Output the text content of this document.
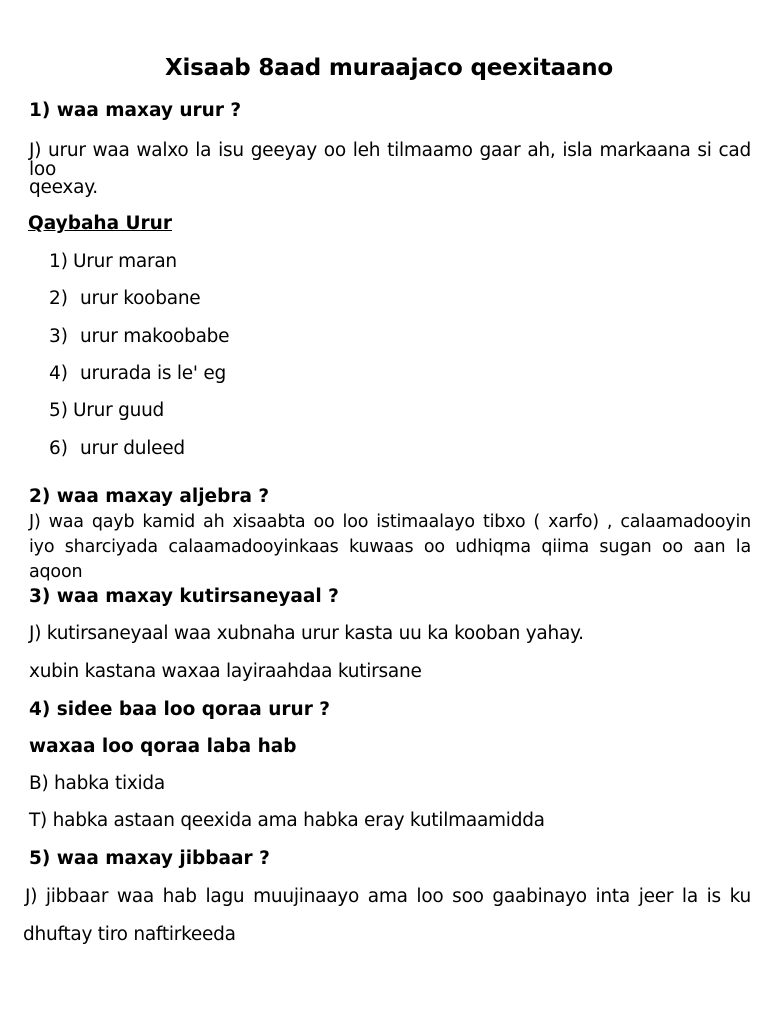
Xisaab 8aad muraajaco qeexitaano
1) waa maxay urur ?
J) urur waa walxo la isu geeyay oo leh tilmaamo gaar ah, isla markaana si cad loo
qeexay.
Qaybaha Urur
1) Urur maran
2) urur koobane
3) urur makoobabe
4) ururada is le' eg
5) Urur guud
6) urur duleed
2) waa maxay aljebra ?
J) waa qayb kamid ah xisaabta oo loo istimaalayo tibxo ( xarfo) , calaamadooyin
iyo sharciyada calaamadooyinkaas kuwaas oo udhiqma qiima sugan oo aan la
aqoon
3) waa maxay kutirsaneyaal ?
J) kutirsaneyaal waa xubnaha urur kasta uu ka kooban yahay.
xubin kastana waxaa layiraahdaa kutirsane
4) sidee baa loo qoraa urur ?
waxaa loo qoraa laba hab
B) habka tixida
T) habka astaan qeexida ama habka eray kutilmaamidda
5) waa maxay jibbaar ?
J) jibbaar waa hab lagu muujinaayo ama loo soo gaabinayo inta jeer la is ku
dhuftay tiro naftirkeeda
